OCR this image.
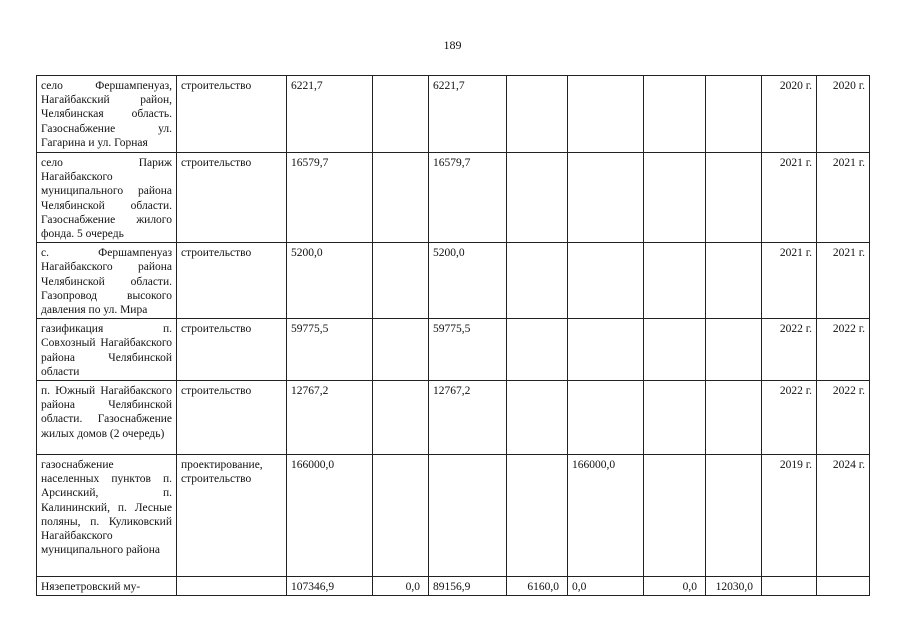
189
село Фершампенуаз, Нагайбакский район, Челябинская область. Газоснабжение ул. Гагарина и ул. Горная	строительство	6221,7		6221,7					2020 г.	2020 г.
село Париж Нагайбакского муниципального района Челябинской области. Газоснабжение жилого фонда. 5 очередь	строительство	16579,7		16579,7					2021 г.	2021 г.
с. Фершампенуаз Нагайбакского района Челябинской области. Газопровод высокого давления по ул. Мира	строительство	5200,0		5200,0					2021 г.	2021 г.
газификация п. Совхозный Нагайбакского района Челябинской области	строительство	59775,5		59775,5					2022 г.	2022 г.
п. Южный Нагайбакского района Челябинской области. Газоснабжение жилых домов (2 очередь)	строительство	12767,2		12767,2					2022 г.	2022 г.
газоснабжение населенных пунктов п. Арсинский, п. Калининский, п. Лесные поляны, п. Куликовский Нагайбакского муниципального района	проектирование, строительство	166000,0				166000,0			2019 г.	2024 г.
Нязепетровский му-		107346,9	0,0	89156,9	6160,0	0,0	0,0	12030,0		
